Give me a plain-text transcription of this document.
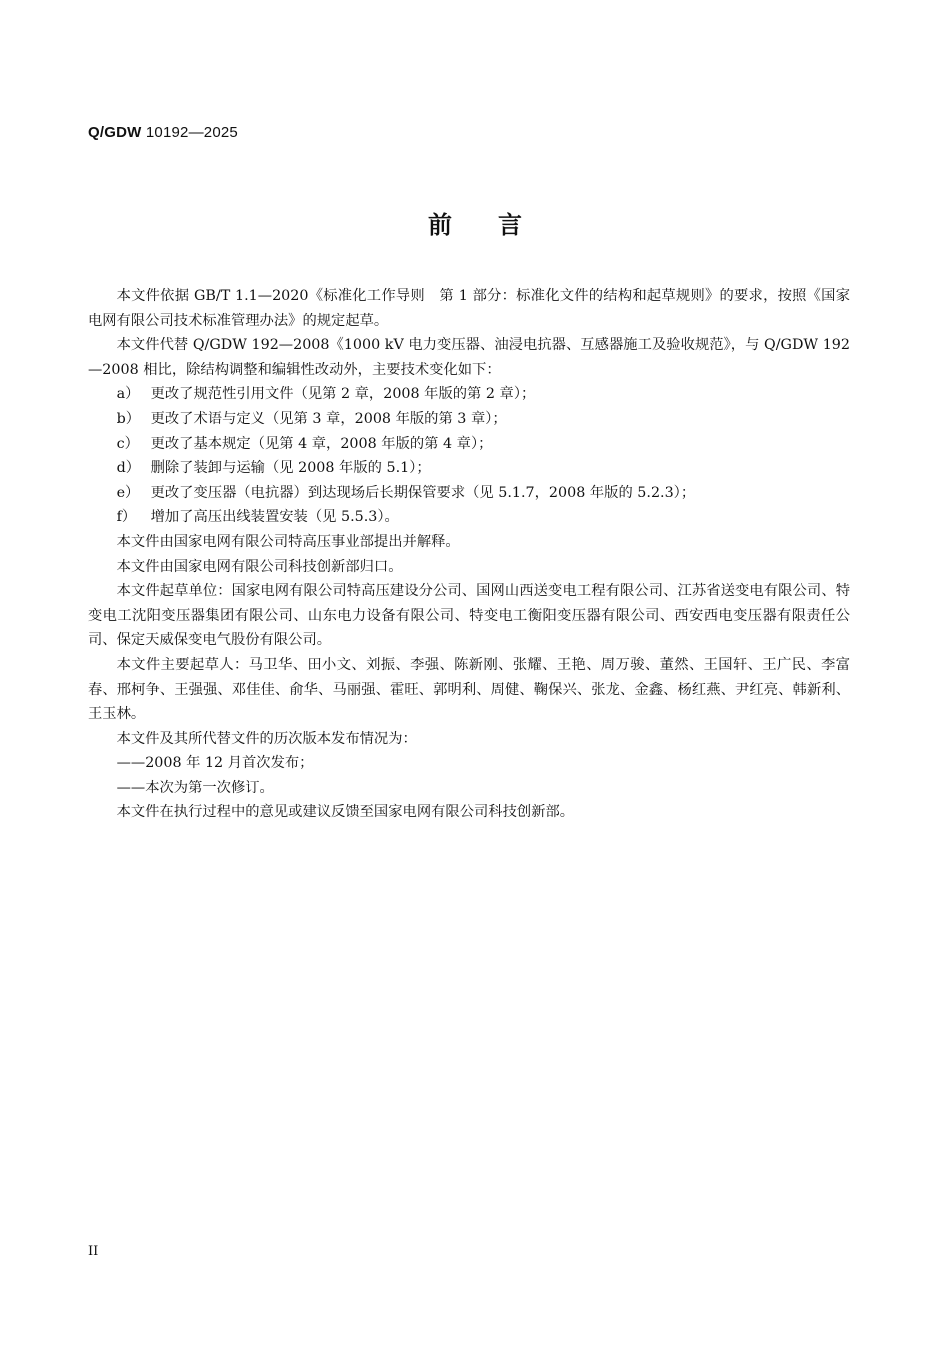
Q/GDW 10192—2025
前言

本文件依据 GB/T 1.1—2020《标准化工作导则　第 1 部分：标准化文件的结构和起草规则》的要求，按照《国家电网有限公司技术标准管理办法》的规定起草。

本文件代替 Q/GDW 192—2008《1000 kV 电力变压器、油浸电抗器、互感器施工及验收规范》，与 Q/GDW 192—2008 相比，除结构调整和编辑性改动外，主要技术变化如下：

a） 更改了规范性引用文件（见第 2 章，2008 年版的第 2 章）；
b） 更改了术语与定义（见第 3 章，2008 年版的第 3 章）；
c） 更改了基本规定（见第 4 章，2008 年版的第 4 章）；
d） 删除了装卸与运输（见 2008 年版的 5.1）；
e） 更改了变压器（电抗器）到达现场后长期保管要求（见 5.1.7，2008 年版的 5.2.3）；
f） 增加了高压出线装置安装（见 5.5.3）。

本文件由国家电网有限公司特高压事业部提出并解释。

本文件由国家电网有限公司科技创新部归口。

本文件起草单位：国家电网有限公司特高压建设分公司、国网山西送变电工程有限公司、江苏省送变电有限公司、特变电工沈阳变压器集团有限公司、山东电力设备有限公司、特变电工衡阳变压器有限公司、西安西电变压器有限责任公司、保定天威保变电气股份有限公司。

本文件主要起草人：马卫华、田小文、刘振、李强、陈新刚、张耀、王艳、周万骏、董然、王国轩、王广民、李富春、邢柯争、王强强、邓佳佳、俞华、马丽强、霍旺、郭明利、周健、鞠保兴、张龙、金鑫、杨红燕、尹红亮、韩新利、王玉林。

本文件及其所代替文件的历次版本发布情况为：

——2008 年 12 月首次发布；
——本次为第一次修订。

本文件在执行过程中的意见或建议反馈至国家电网有限公司科技创新部。

II
